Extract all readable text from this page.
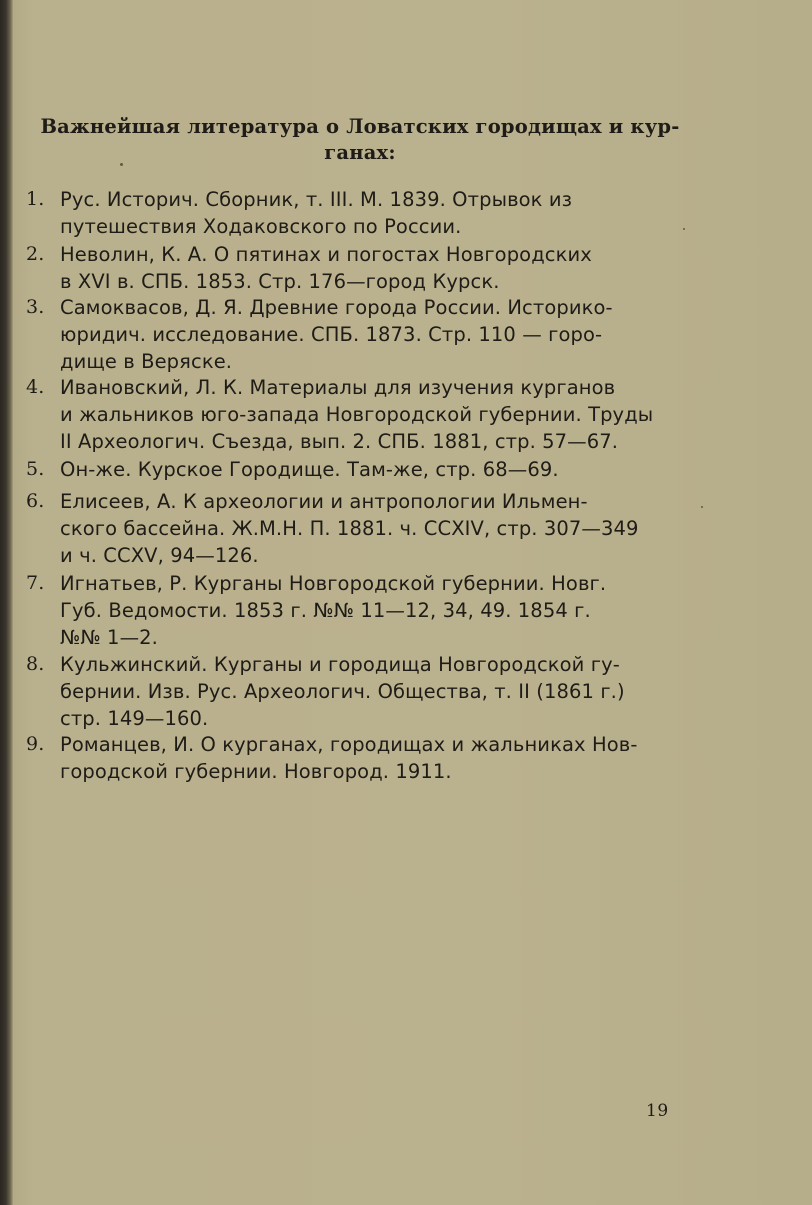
Важнейшая литература о Ловатских городищах и кур-
ганах:
1. Рус. Историч. Сборник, т. III. М. 1839. Отрывок из
путешествия Ходаковского по России.
2. Неволин, К. А. О пятинах и погостах Новгородских
в XVI в. СПБ. 1853. Стр. 176—город Курск.
3. Самоквасов, Д. Я. Древние города России. Историко-
юридич. исследование. СПБ. 1873. Стр. 110 — горо-
дище в Веряске.
4. Ивановский, Л. К. Материалы для изучения курганов
и жальников юго-запада Новгородской губернии. Труды
II Археологич. Съезда, вып. 2. СПБ. 1881, стр. 57—67.
5. Он-же. Курское Городище. Там-же, стр. 68—69.
6. Елисеев, А. К археологии и антропологии Ильмен-
ского бассейна. Ж.М.Н. П. 1881. ч. CCXIV, стр. 307—349
и ч. CCXV, 94—126.
7. Игнатьев, Р. Курганы Новгородской губернии. Новг.
Губ. Ведомости. 1853 г. №№ 11—12, 34, 49. 1854 г.
№№ 1—2.
8. Кульжинский. Курганы и городища Новгородской гу-
бернии. Изв. Рус. Археологич. Общества, т. II (1861 г.)
стр. 149—160.
9. Романцев, И. О курганах, городищах и жальниках Нов-
городской губернии. Новгород. 1911.
19
